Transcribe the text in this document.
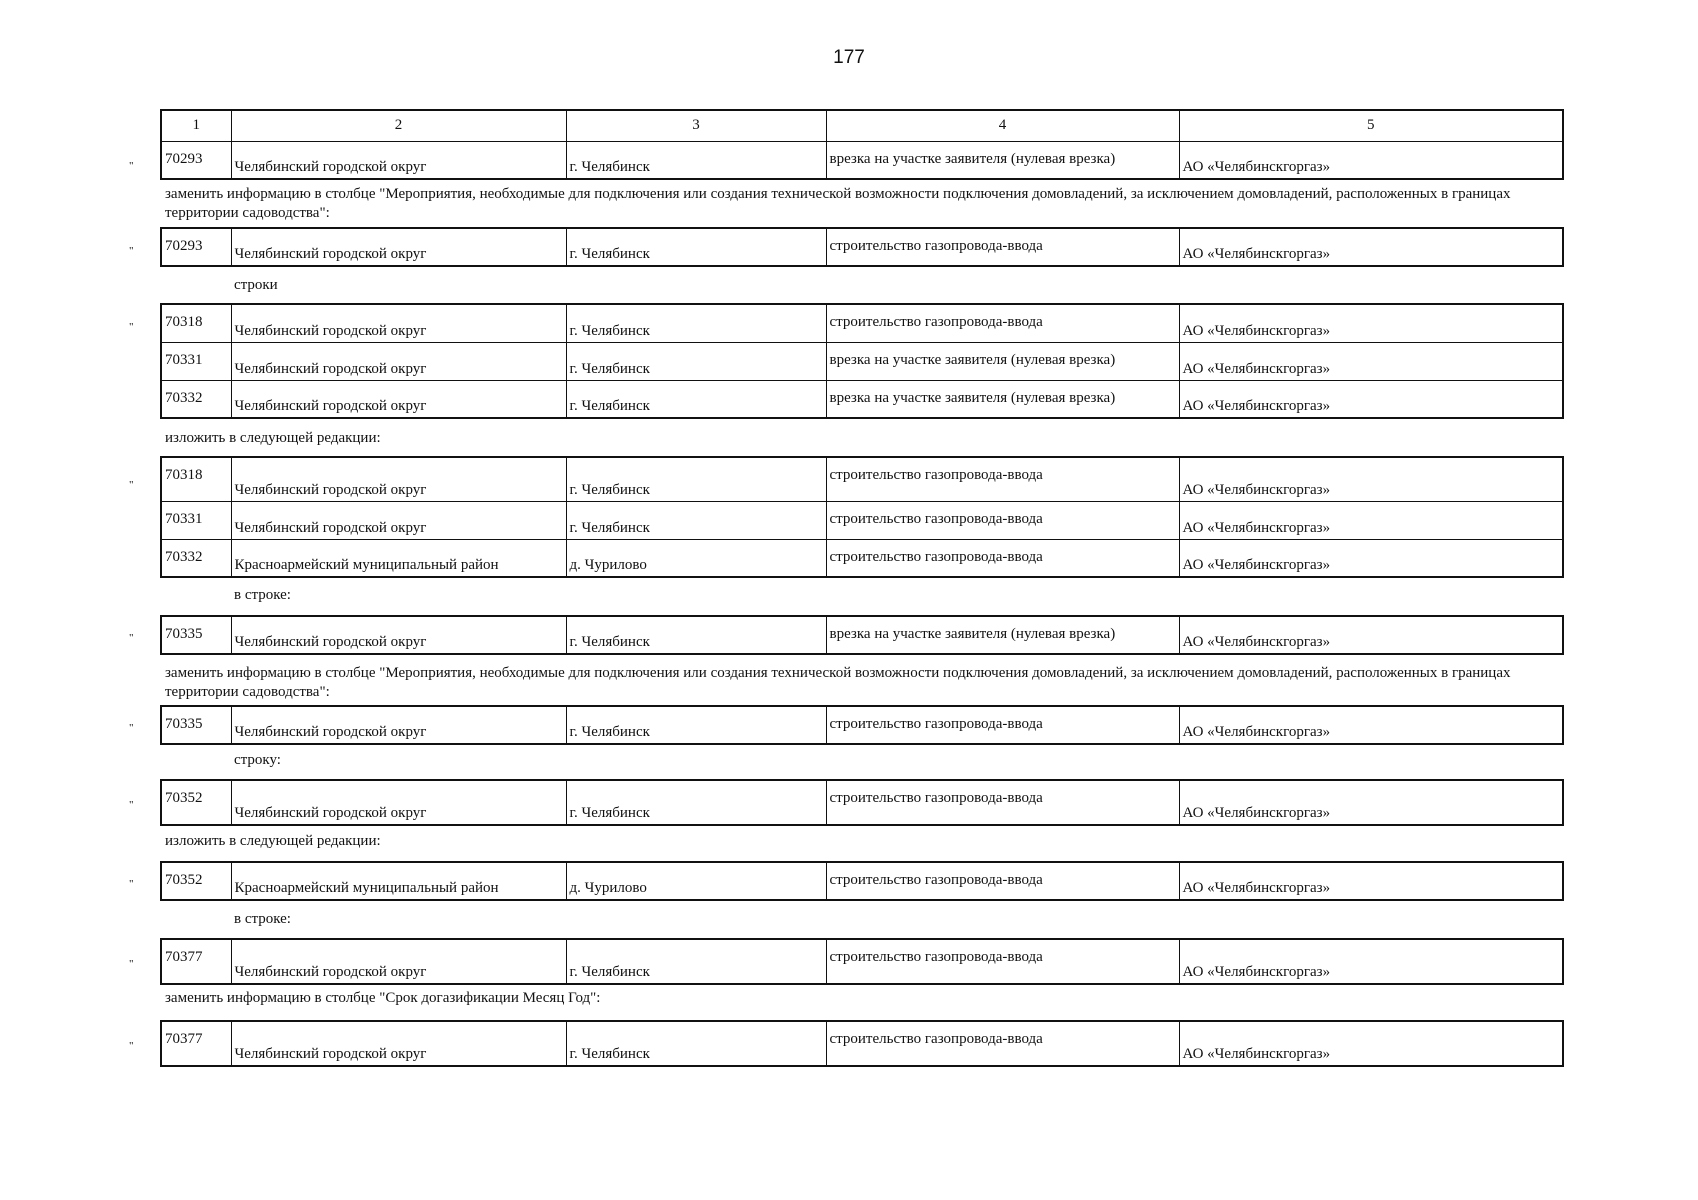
177
1	2	3	4	5
70293	Челябинский городской округ	г. Челябинск	врезка на участке заявителя (нулевая врезка)	АО «Челябинскгоргаз»
"
70293	Челябинский городской округ	г. Челябинск	строительство газопровода-ввода	АО «Челябинскгоргаз»
"
70318	Челябинский городской округ	г. Челябинск	строительство газопровода-ввода	АО «Челябинскгоргаз»
70331	Челябинский городской округ	г. Челябинск	врезка на участке заявителя (нулевая врезка)	АО «Челябинскгоргаз»
70332	Челябинский городской округ	г. Челябинск	врезка на участке заявителя (нулевая врезка)	АО «Челябинскгоргаз»
"
70318	Челябинский городской округ	г. Челябинск	строительство газопровода-ввода	АО «Челябинскгоргаз»
70331	Челябинский городской округ	г. Челябинск	строительство газопровода-ввода	АО «Челябинскгоргаз»
70332	Красноармейский муниципальный район	д. Чурилово	строительство газопровода-ввода	АО «Челябинскгоргаз»
"
70335	Челябинский городской округ	г. Челябинск	врезка на участке заявителя (нулевая врезка)	АО «Челябинскгоргаз»
"
70335	Челябинский городской округ	г. Челябинск	строительство газопровода-ввода	АО «Челябинскгоргаз»
"
70352	Челябинский городской округ	г. Челябинск	строительство газопровода-ввода	АО «Челябинскгоргаз»
"
70352	Красноармейский муниципальный район	д. Чурилово	строительство газопровода-ввода	АО «Челябинскгоргаз»
"
70377	Челябинский городской округ	г. Челябинск	строительство газопровода-ввода	АО «Челябинскгоргаз»
"
70377	Челябинский городской округ	г. Челябинск	строительство газопровода-ввода	АО «Челябинскгоргаз»
"
заменить информацию в столбце "Мероприятия, необходимые для подключения или создания технической возможности подключения домовладений, за исключением домовладений, расположенных в границах территории садоводства":
строки
изложить в следующей редакции:
в строке:
заменить информацию в столбце "Мероприятия, необходимые для подключения или создания технической возможности подключения домовладений, за исключением домовладений, расположенных в границах территории садоводства":
строку:
изложить в следующей редакции:
в строке:
заменить информацию в столбце "Срок догазификации Месяц Год":
